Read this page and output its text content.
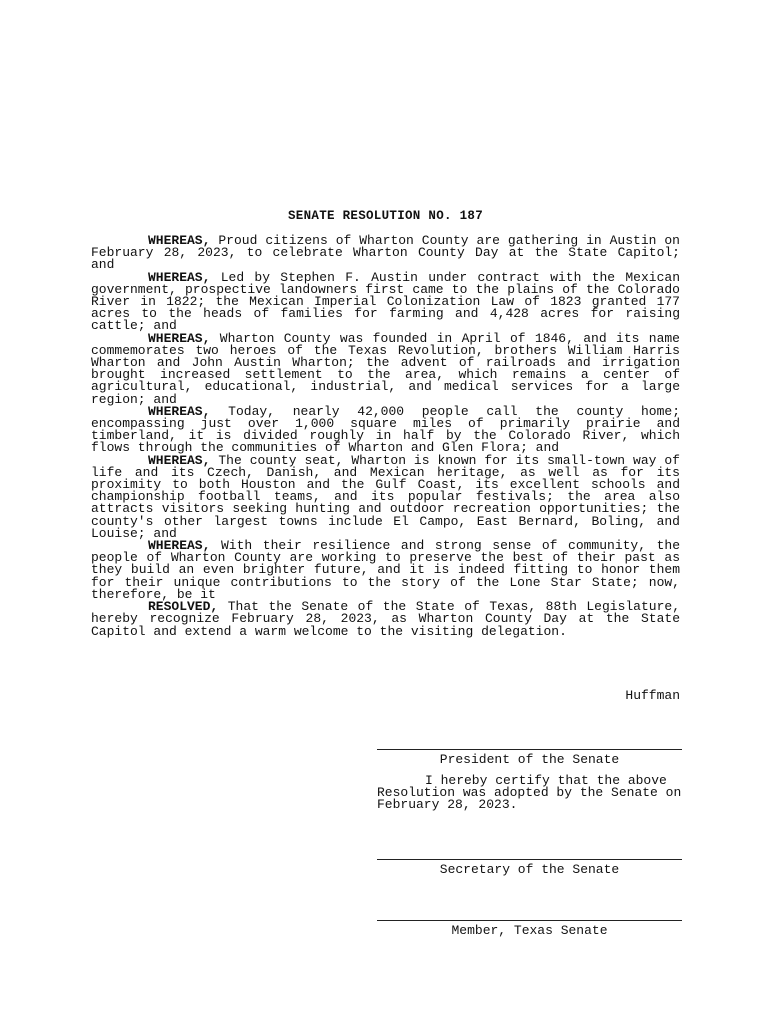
SENATE RESOLUTION NO. 187

WHEREAS, Proud citizens of Wharton County are gathering in Austin on February 28, 2023, to celebrate Wharton County Day at the State Capitol; and

WHEREAS, Led by Stephen F. Austin under contract with the Mexican government, prospective landowners first came to the plains of the Colorado River in 1822; the Mexican Imperial Colonization Law of 1823 granted 177 acres to the heads of families for farming and 4,428 acres for raising cattle; and

WHEREAS, Wharton County was founded in April of 1846, and its name commemorates two heroes of the Texas Revolution, brothers William Harris Wharton and John Austin Wharton; the advent of railroads and irrigation brought increased settlement to the area, which remains a center of agricultural, educational, industrial, and medical services for a large region; and

WHEREAS, Today, nearly 42,000 people call the county home; encompassing just over 1,000 square miles of primarily prairie and timberland, it is divided roughly in half by the Colorado River, which flows through the communities of Wharton and Glen Flora; and

WHEREAS, The county seat, Wharton is known for its small-town way of life and its Czech, Danish, and Mexican heritage, as well as for its proximity to both Houston and the Gulf Coast, its excellent schools and championship football teams, and its popular festivals; the area also attracts visitors seeking hunting and outdoor recreation opportunities; the county's other largest towns include El Campo, East Bernard, Boling, and Louise; and

WHEREAS, With their resilience and strong sense of community, the people of Wharton County are working to preserve the best of their past as they build an even brighter future, and it is indeed fitting to honor them for their unique contributions to the story of the Lone Star State; now, therefore, be it

RESOLVED, That the Senate of the State of Texas, 88th Legislature, hereby recognize February 28, 2023, as Wharton County Day at the State Capitol and extend a warm welcome to the visiting delegation.

Huffman
President of the Senate
I hereby certify that the above Resolution was adopted by the Senate on February 28, 2023.
Secretary of the Senate
Member, Texas Senate
